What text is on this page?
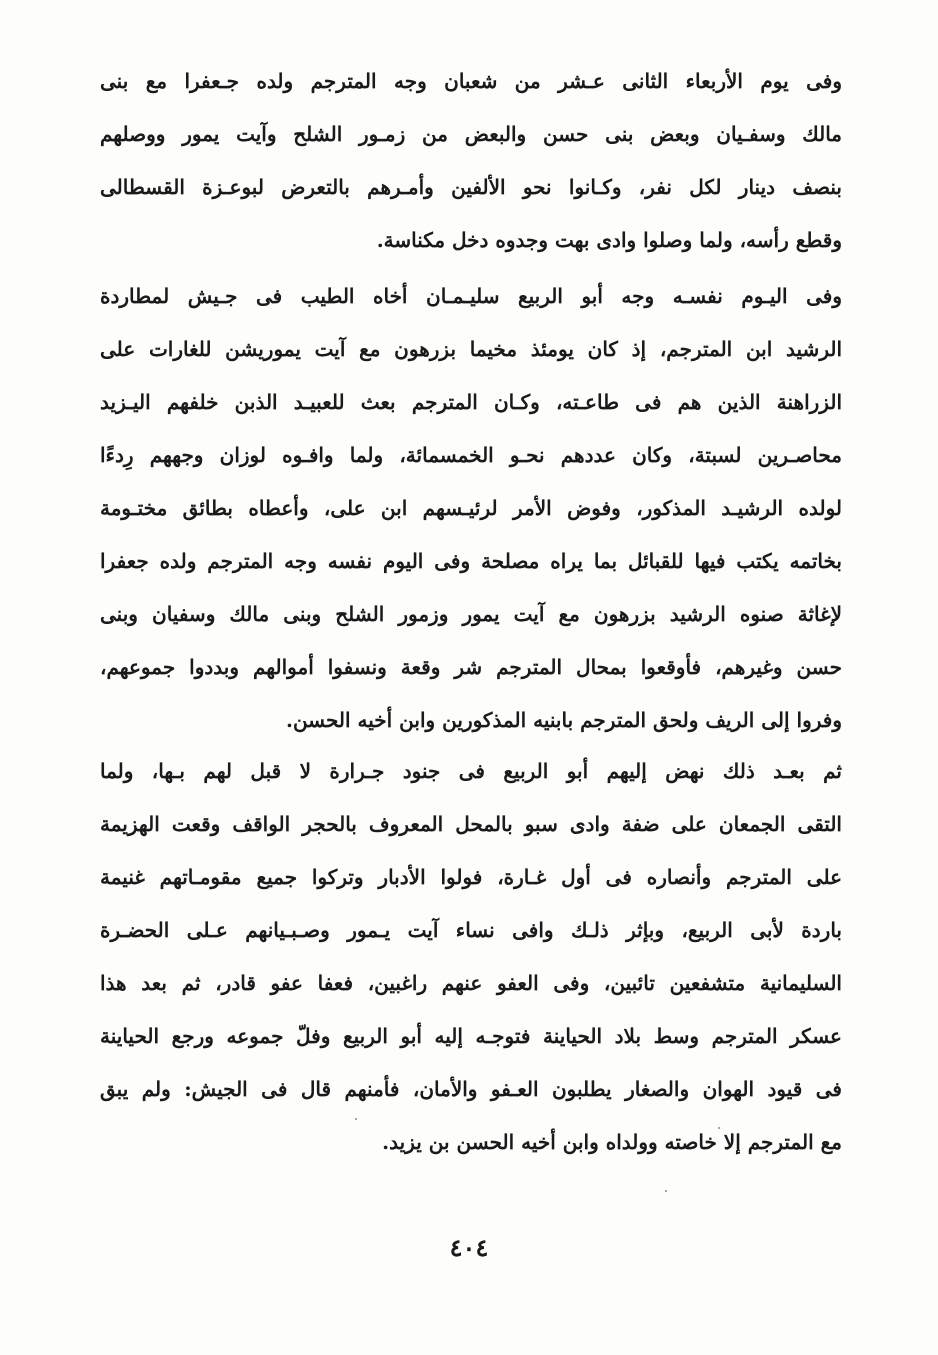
وفى يوم الأربعاء الثانى عـشر من شعبان وجه المترجم ولده جـعفرا مع بنى
مالك وسفـيان وبعض بنى حسن والبعض من زمـور الشلح وآيت يمور ووصلهم
بنصف دينار لكل نفر، وكـانوا نحو الألفين وأمـرهم بالتعرض لبوعـزة القسطالى
وقطع رأسه، ولما وصلوا وادى بهت وجدوه دخل مكناسة.
وفى اليـوم نفسـه وجه أبو الربيع سليـمـان أخاه الطيب فى جـيش لمطاردة
الرشيد ابن المترجم، إذ كان يومئذ مخيما بزرهون مع آيت يموريشن للغارات على
الزراهنة الذين هم فى طاعـته، وكـان المترجم بعث للعبيـد الذبن خلفهم اليـزيد
محاصـرين لسبتة، وكان عددهم نحـو الخمسمائة، ولما وافـوه لوزان وجههم رِدءًا
لولده الرشيـد المذكور، وفوض الأمر لرئيـسهم ابن على، وأعطاه بطائق مختـومة
بخاتمه يكتب فيها للقبائل بما يراه مصلحة وفى اليوم نفسه وجه المترجم ولده جعفرا
لإغاثة صنوه الرشيد بزرهون مع آيت يمور وزمور الشلح وبنى مالك وسفيان وبنى
حسن وغيرهم، فأوقعوا بمحال المترجم شر وقعة ونسفوا أموالهم وبددوا جموعهم،
وفروا إلى الريف ولحق المترجم بابنيه المذكورين وابن أخيه الحسن.
ثم بعـد ذلك نهض إليهم أبو الربيع فى جنود جـرارة لا قبل لهم بـها، ولما
التقى الجمعان على ضفة وادى سبو بالمحل المعروف بالحجر الواقف وقعت الهزيمة
على المترجم وأنصاره فى أول غـارة، فولوا الأدبار وتركوا جميع مقومـاتهم غنيمة
باردة لأبى الربيع، وبإثر ذلـك وافى نساء آيت يـمور وصـبـيانهم عـلى الحضـرة
السليمانية متشفعين تائبين، وفى العفو عنهم راغبين، فعفا عفو قادر، ثم بعد هذا
عسكر المترجم وسط بلاد الحياينة فتوجـه إليه أبو الربيع وفلّ جموعه ورجع الحياينة
فى قيود الهوان والصغار يطلبون العـفو والأمان، فأمنهم قال فى الجيش: ولم يبق
مع المترجم إلا خاصته وولداه وابن أخيه الحسن بن يزيد.
٤٠٤
